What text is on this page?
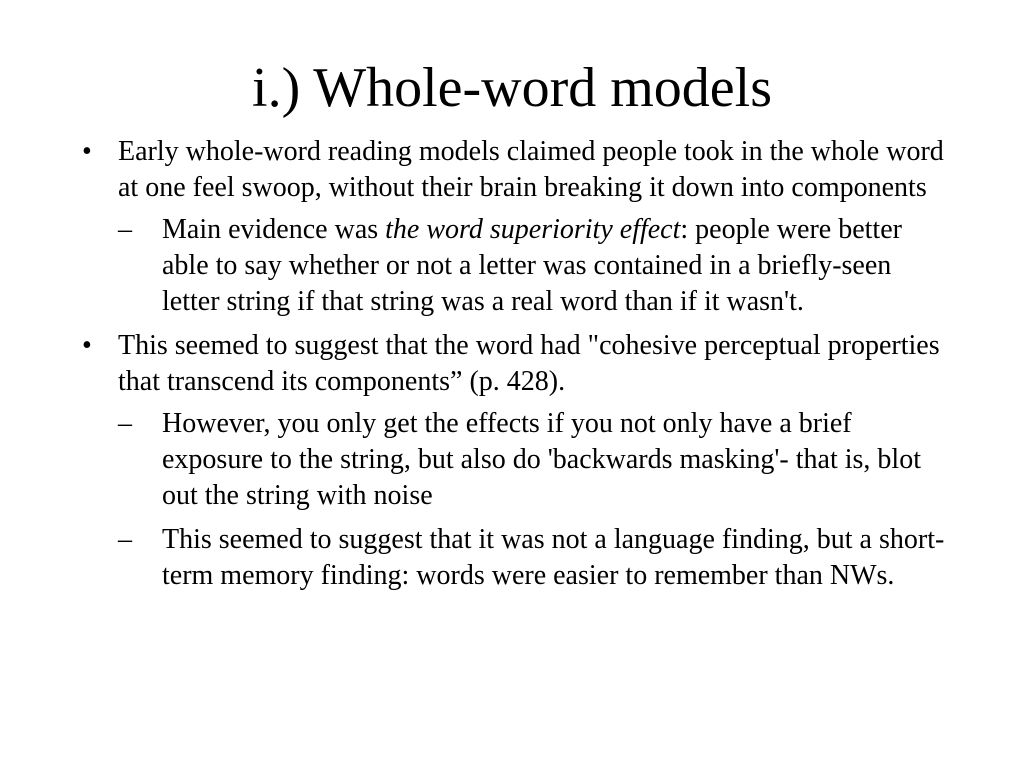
i.) Whole-word models
• Early whole-word reading models claimed people took in the whole word at one feel swoop, without their brain breaking it down into components
– Main evidence was the word superiority effect: people were better able to say whether or not a letter was contained in a briefly-seen letter string if that string was a real word than if it wasn't.
• This seemed to suggest that the word had "cohesive perceptual properties that transcend its components” (p. 428).
– However, you only get the effects if you not only have a brief exposure to the string, but also do 'backwards masking'- that is, blot out the string with noise
– This seemed to suggest that it was not a language finding, but a short-term memory finding: words were easier to remember than NWs.
